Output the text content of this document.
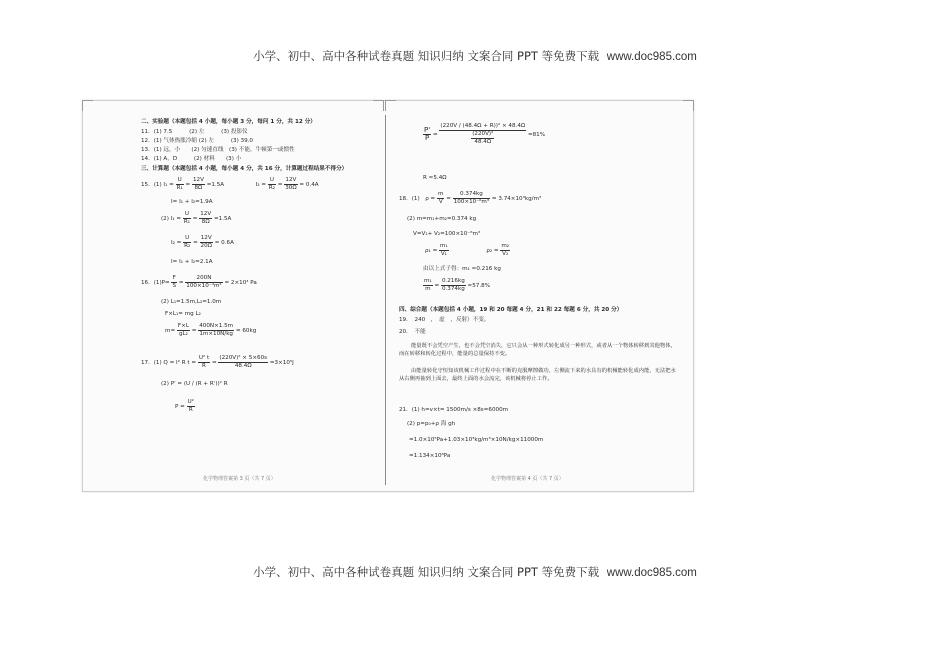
小学、初中、高中各种试卷真题 知识归纳 文案合同 PPT 等免费下载 www.doc985.com
二、实验题（本题包括 4 小题，每小题 3 分，每问 1 分，共 12 分）
11．(1) 7.5　　　(2) 左　　　(3) 投影仪
12．(1) 气体热胀冷缩 (2) 左　　　(3) 39.0
13．(1) 远，小　　(2) 匀速直线　(3) 不能，牛顿第一或惯性
14．(1) A，D　　　(2) 材料　　(3) 小
三、计算题（本题包括 4 小题，每小题 4 分，共 16 分，计算题过程结果不得分）
15．(1) $I_1 = \frac{U}{\text{R₁}} = \frac{12V}{8\Omega} =1.5A$	$I_2 = \frac{U}{\text{R₂}} = \frac{12V}{30\Omega} = 0.4A$
I= I₁ + I₂=1.9A
(2) $I_1 = \frac{U}{\text{R₁}} = \frac{12V}{8\Omega} =1.5A$
$I_2 = \frac{U}{\text{R₂}} = \frac{12V}{20\Omega} = 0.6A$
I= I₁ + I₂=2.1A
16．$(1)P= \frac{F}{S} = \frac{200N}{\text{100×10⁻⁴m²}} = 2\times 10^4$ Pa
(2) L₁=1.5m,L₂=1.0m
F×L₁= mg L₂
$m= \frac{F\times L}{\text{gL₂}} = \frac{400N\times 1.5m}{1m\times 10N/kg} = 60kg$
17．(1) Q = I² R $t = \frac{\text{U² t}}{R} = \frac{\text{(220V)² × 5×60s}}{48.4\Omega} =3\times 10^5J$
(2) P' = (U / (R + R'))² R
$P = \frac{\text{U²}}{R}$
化学物理答案第 3 页（共 7 页）
$\frac{P'}{P} = \frac{\text{(220V / (48.4Ω + R))² × 48.4Ω}}{\frac{\text{(220V)²}}{48.4\Omega}} =81\%$
R ≈5.4Ω
18．(1)　$\rho = \frac{m}{V} = \frac{0.374kg}{\text{100×10⁻⁶m³}} = 3.74\times 10^3kg/m^3$
(2) m=m₁+m₂=0.374 kg
V=V₁+ V₂=100×10⁻⁶m³
$\rho_1 = \frac{\text{m₁}}{\text{V₁}}$	$\rho_2 = \frac{\text{m₂}}{\text{V₂}}$
由以上式子得：m₁ ≈0.216 kg
$\frac{\text{m₁}}{m} = \frac{0.216kg}{0.374kg} \approx 57.8\%$
四、综合题（本题包括 4 小题，19 和 20 每题 4 分，21 和 22 每题 6 分，共 20 分）
19．　240　，　虚　，反射）不变。
20．　不能
能量既不会凭空产生，也不会凭空消失，它只会从一种形式转化成另一种形式，或者从一个物体转移到其他物体，而在转移和转化过程中，能量的总量保持不变。
由能量转化守恒知该机械工作过程中在不断的克服摩擦做功，左侧流下来的水具有的机械能转化成内能，无法把水从右侧再抽到上面去，最终上面的水会流完，该机械将停止工作。
21．(1) h=v×t= 1500m/s ×8s=6000m
(2) p=p₀+ρ 海 gh
=1.0×10⁵Pa+1.03×10³kg/m³×10N/kg×11000m
=1.134×10⁸Pa
化学物理答案第 4 页（共 7 页）
小学、初中、高中各种试卷真题 知识归纳 文案合同 PPT 等免费下载 www.doc985.com
